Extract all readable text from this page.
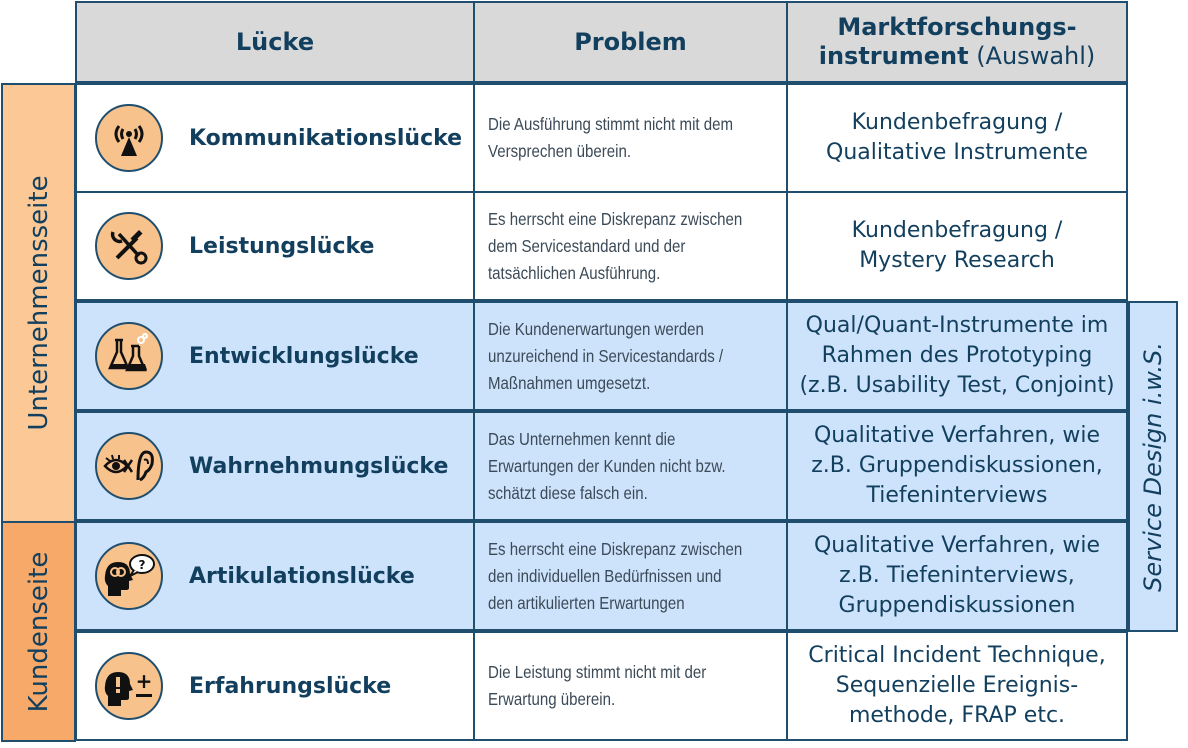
Lücke	Problem
Marktforschungs-
instrument (Auswahl)
Unternehmensseite
Kundenseite
Kommunikationslücke
Die Ausführung stimmt nicht mit dem
Versprechen überein.
Kundenbefragung /
Qualitative Instrumente
Leistungslücke
Es herrscht eine Diskrepanz zwischen
dem Servicestandard und der
tatsächlichen Ausführung.
Kundenbefragung /
Mystery Research
Entwicklungslücke
Die Kundenerwartungen werden
unzureichend in Servicestandards /
Maßnahmen umgesetzt.
Qual/Quant-Instrumente im
Rahmen des Prototyping
(z.B. Usability Test, Conjoint)
Wahrnehmungslücke
Das Unternehmen kennt die
Erwartungen der Kunden nicht bzw.
schätzt diese falsch ein.
Qualitative Verfahren, wie
z.B. Gruppendiskussionen,
Tiefeninterviews
? Artikulationslücke
Es herrscht eine Diskrepanz zwischen
den individuellen Bedürfnissen und
den artikulierten Erwartungen
Qualitative Verfahren, wie
z.B. Tiefeninterviews,
Gruppendiskussionen
+ Erfahrungslücke
Die Leistung stimmt nicht mit der
Erwartung überein.
Critical Incident Technique,
Sequenzielle Ereignis-
methode, FRAP etc.
Service Design i.w.S.
